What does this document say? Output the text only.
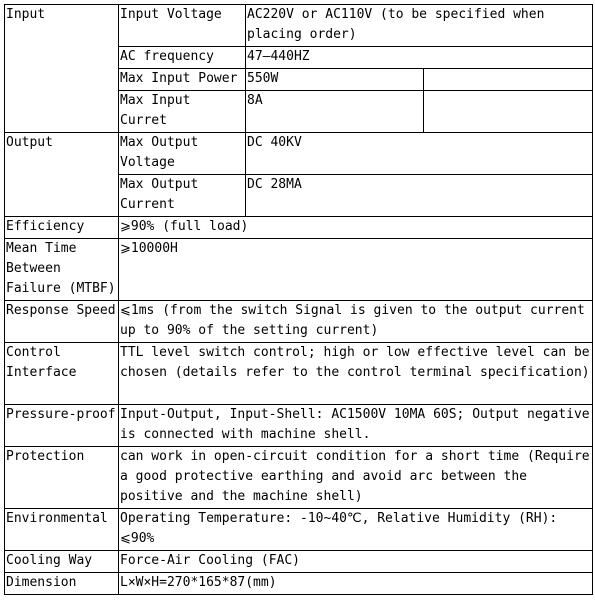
Input	Input Voltage	AC220V or AC110V (to be specified when placing order)	
	AC frequency	47—440HZ	
	Max Input Power	550W	
	Max Input Curret	8A	
Output	Max Output Voltage	DC 40KV	
	Max Output Current	DC 28MA	
Efficiency	⩾90% (full load)		
Mean Time Between Failure (MTBF)	⩾10000H		
Response Speed	⩽1ms (from the switch Signal is given to the output current up to 90% of the setting current)		
Control Interface	TTL level switch control; high or low effective level can be chosen (details refer to the control terminal specification)		
Pressure-proof	Input-Output, Input-Shell: AC1500V 10MA 60S; Output negative is connected with machine shell.		
Protection	can work in open-circuit condition for a short time (Require a good protective earthing and avoid arc between the positive and the machine shell)		
Environmental	Operating Temperature: -10~40℃, Relative Humidity (RH): ⩽90%		
Cooling Way	Force-Air Cooling (FAC)		
Dimension	L×W×H=270*165*87(mm)		
